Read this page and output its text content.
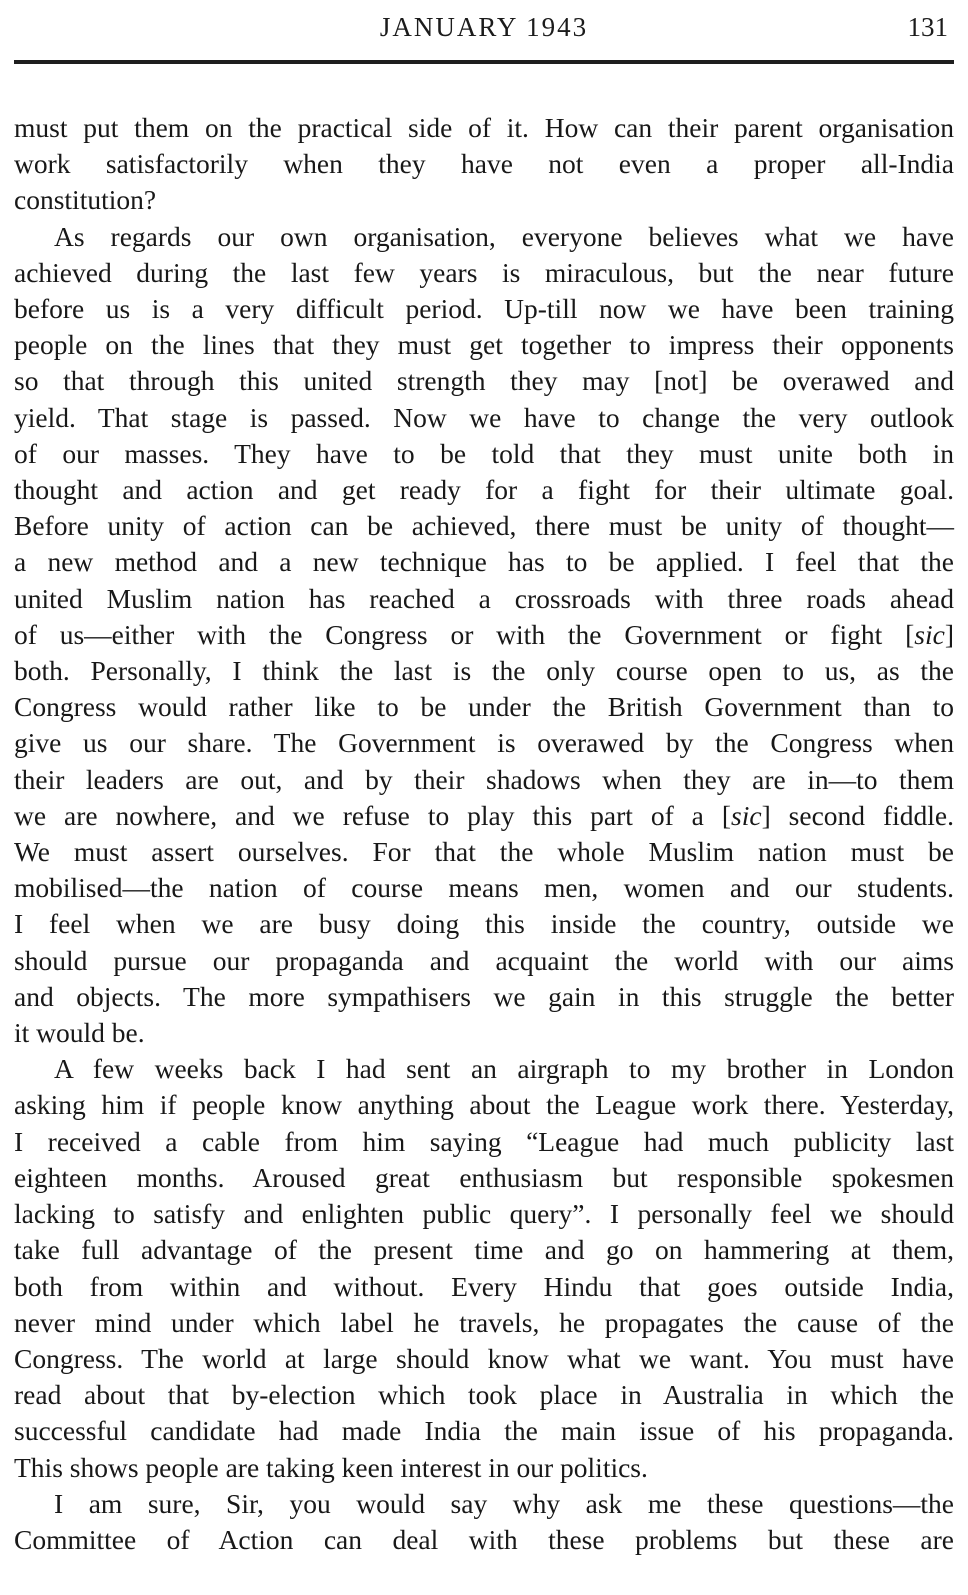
JANUARY 1943	131
must put them on the practical side of it. How can their parent organisation
work satisfactorily when they have not even a proper all-India
constitution?
As regards our own organisation, everyone believes what we have
achieved during the last few years is miraculous, but the near future
before us is a very difficult period. Up-till now we have been training
people on the lines that they must get together to impress their opponents
so that through this united strength they may [not] be overawed and
yield. That stage is passed. Now we have to change the very outlook
of our masses. They have to be told that they must unite both in
thought and action and get ready for a fight for their ultimate goal.
Before unity of action can be achieved, there must be unity of thought—
a new method and a new technique has to be applied. I feel that the
united Muslim nation has reached a crossroads with three roads ahead
of us—either with the Congress or with the Government or fight [sic]
both. Personally, I think the last is the only course open to us, as the
Congress would rather like to be under the British Government than to
give us our share. The Government is overawed by the Congress when
their leaders are out, and by their shadows when they are in—to them
we are nowhere, and we refuse to play this part of a [sic] second fiddle.
We must assert ourselves. For that the whole Muslim nation must be
mobilised—the nation of course means men, women and our students.
I feel when we are busy doing this inside the country, outside we
should pursue our propaganda and acquaint the world with our aims
and objects. The more sympathisers we gain in this struggle the better
it would be.
A few weeks back I had sent an airgraph to my brother in London
asking him if people know anything about the League work there. Yesterday,
I received a cable from him saying “League had much publicity last
eighteen months. Aroused great enthusiasm but responsible spokesmen
lacking to satisfy and enlighten public query”. I personally feel we should
take full advantage of the present time and go on hammering at them,
both from within and without. Every Hindu that goes outside India,
never mind under which label he travels, he propagates the cause of the
Congress. The world at large should know what we want. You must have
read about that by-election which took place in Australia in which the
successful candidate had made India the main issue of his propaganda.
This shows people are taking keen interest in our politics.
I am sure, Sir, you would say why ask me these questions—the
Committee of Action can deal with these problems but these are
